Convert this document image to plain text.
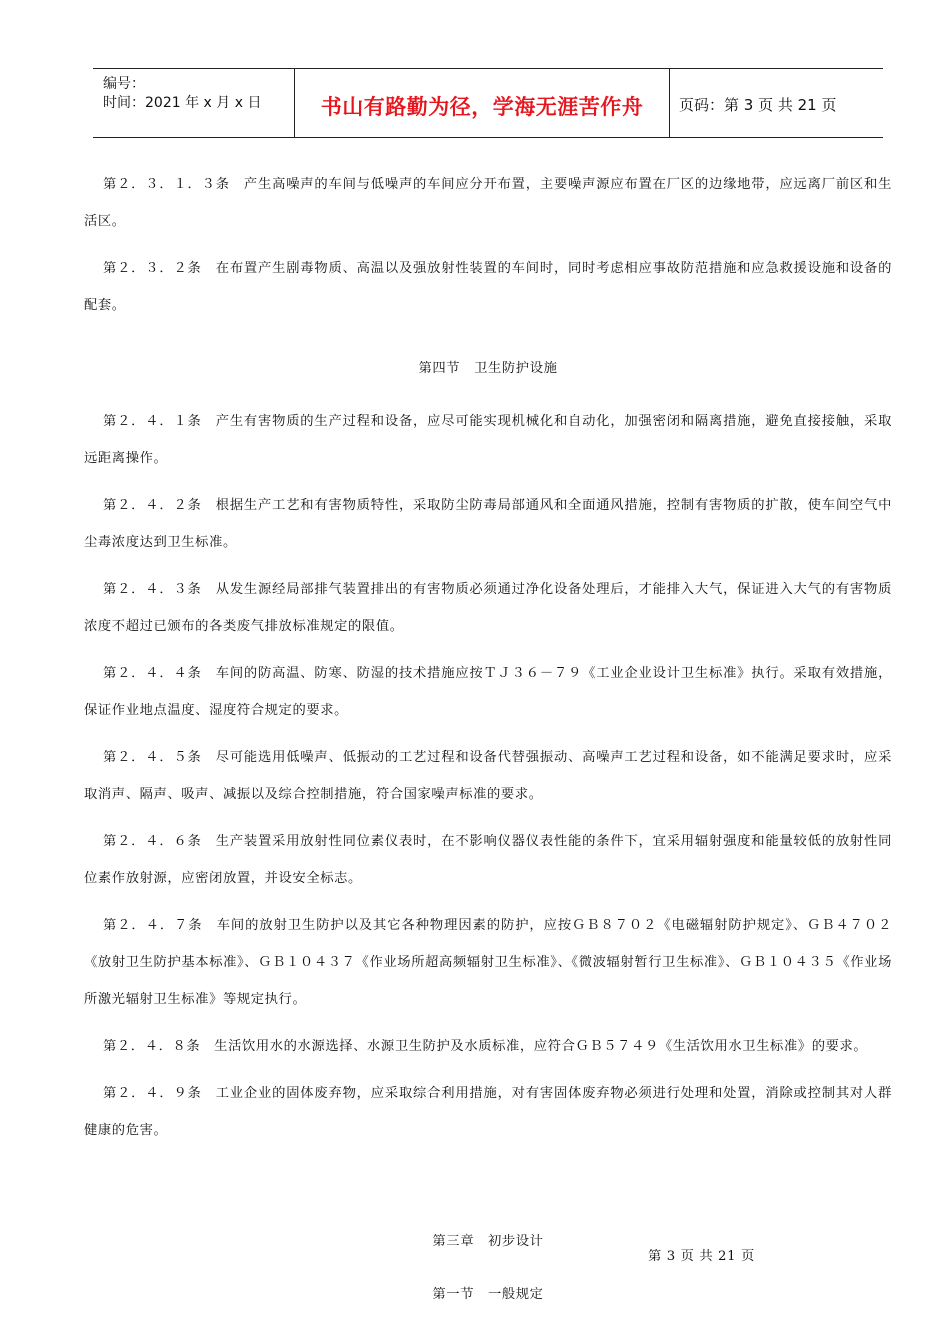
编号：
时间：2021 年 x 月 x 日	书山有路勤为径，学海无涯苦作舟	页码：第 3 页 共 21 页

第２．３．１．３条　产生高噪声的车间与低噪声的车间应分开布置，主要噪声源应布置在厂区的边缘地带，应远离厂前区和生活区。

第２．３．２条　在布置产生剧毒物质、高温以及强放射性装置的车间时，同时考虑相应事故防范措施和应急救援设施和设备的配套。

第四节　卫生防护设施

第２．４．１条　产生有害物质的生产过程和设备，应尽可能实现机械化和自动化，加强密闭和隔离措施，避免直接接触，采取远距离操作。

第２．４．２条　根据生产工艺和有害物质特性，采取防尘防毒局部通风和全面通风措施，控制有害物质的扩散，使车间空气中尘毒浓度达到卫生标准。

第２．４．３条　从发生源经局部排气装置排出的有害物质必须通过净化设备处理后，才能排入大气，保证进入大气的有害物质浓度不超过已颁布的各类废气排放标准规定的限值。

第２．４．４条　车间的防高温、防寒、防湿的技术措施应按ＴＪ３６－７９《工业企业设计卫生标准》执行。采取有效措施，保证作业地点温度、湿度符合规定的要求。

第２．４．５条　尽可能选用低噪声、低振动的工艺过程和设备代替强振动、高噪声工艺过程和设备，如不能满足要求时，应采取消声、隔声、吸声、减振以及综合控制措施，符合国家噪声标准的要求。

第２．４．６条　生产装置采用放射性同位素仪表时，在不影响仪器仪表性能的条件下，宜采用辐射强度和能量较低的放射性同位素作放射源，应密闭放置，并设安全标志。

第２．４．７条　车间的放射卫生防护以及其它各种物理因素的防护，应按ＧＢ８７０２《电磁辐射防护规定》、ＧＢ４７０２《放射卫生防护基本标准》、ＧＢ１０４３７《作业场所超高频辐射卫生标准》、《微波辐射暂行卫生标准》、ＧＢ１０４３５《作业场所激光辐射卫生标准》等规定执行。

第２．４．８条　生活饮用水的水源选择、水源卫生防护及水质标准，应符合ＧＢ５７４９《生活饮用水卫生标准》的要求。

第２．４．９条　工业企业的固体废弃物，应采取综合利用措施，对有害固体废弃物必须进行处理和处置，消除或控制其对人群健康的危害。

第三章　初步设计

第一节　一般规定

第 3 页 共 21 页
